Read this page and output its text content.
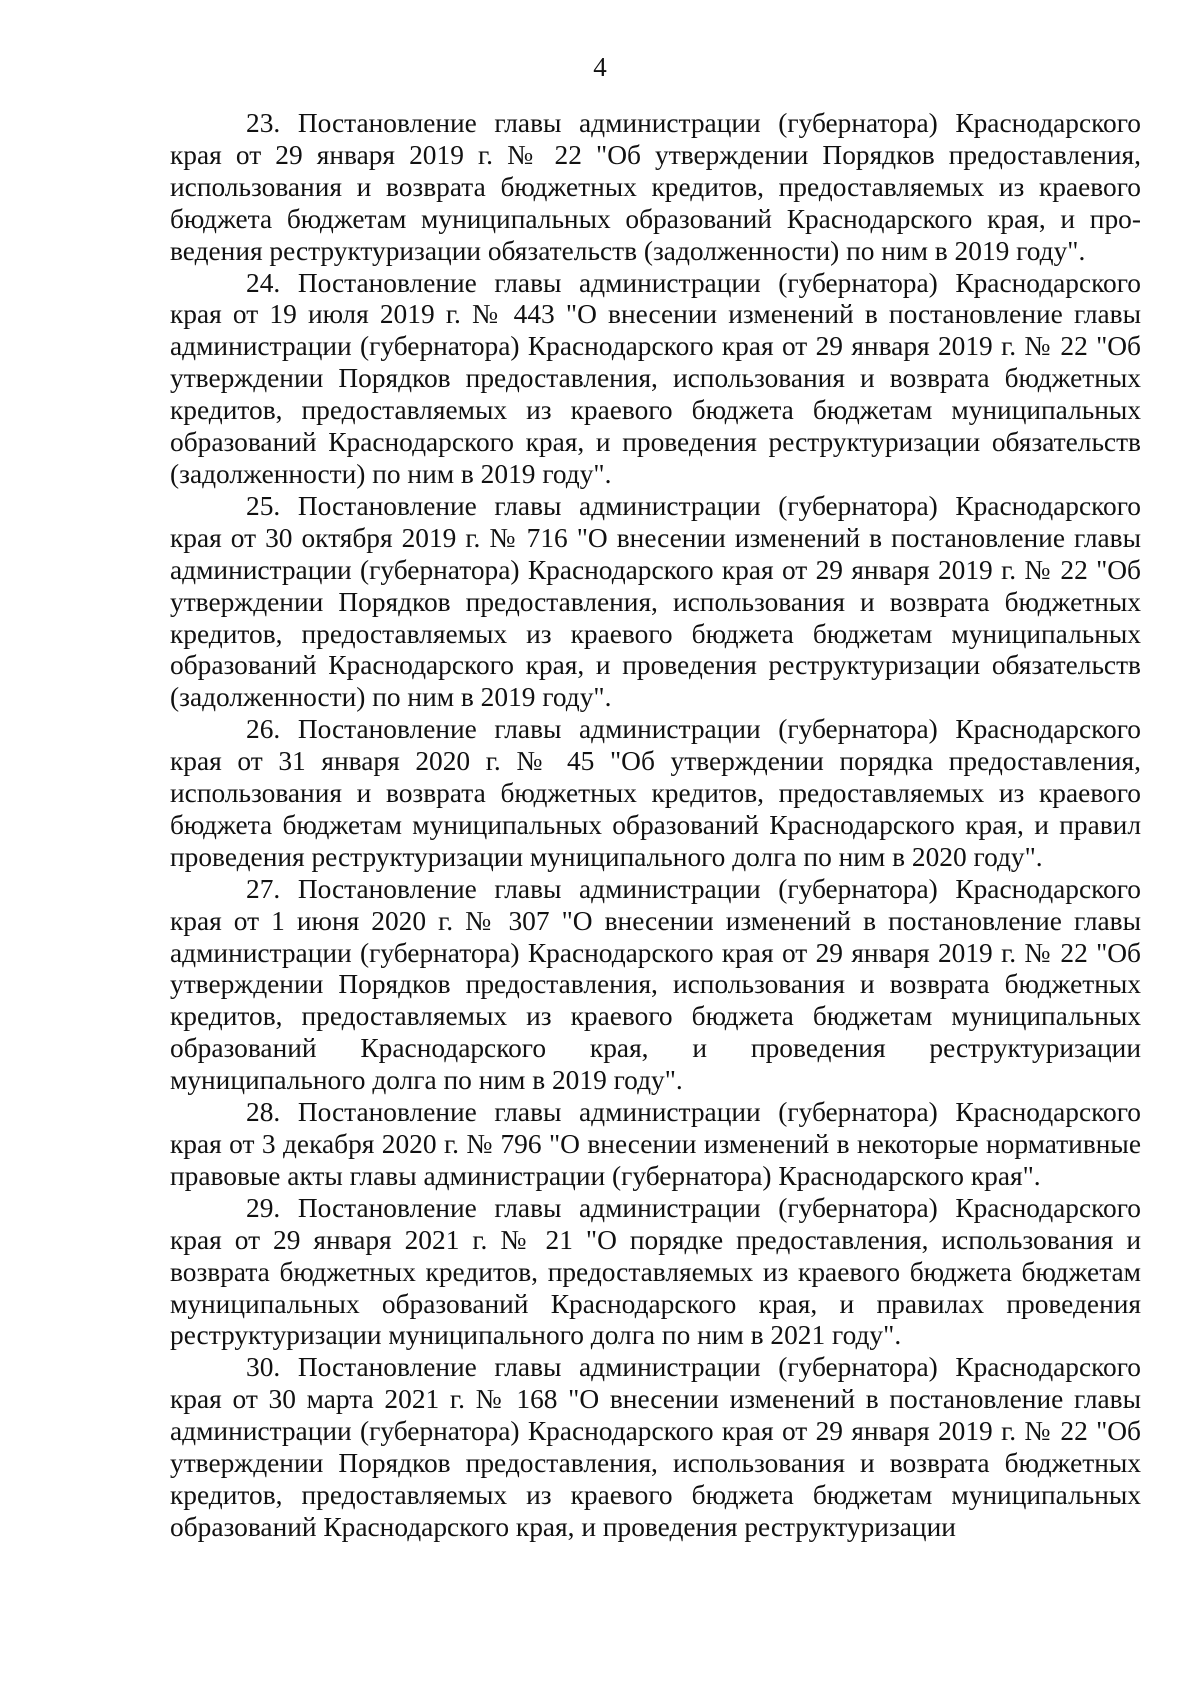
4

23. Постановление главы администрации (губернатора) Краснодарского края от 29 января 2019 г. № 22 "Об утверждении Порядков предоставления, использования и возврата бюджетных кредитов, предоставляемых из краевого бюджета бюджетам муниципальных образований Краснодарского края, и проведения реструктуризации обязательств (задолженности) по ним в 2019 году".

24. Постановление главы администрации (губернатора) Краснодарского края от 19 июля 2019 г. № 443 "О внесении изменений в постановление главы администрации (губернатора) Краснодарского края от 29 января 2019 г. № 22 "Об утверждении Порядков предоставления, использования и возврата бюджетных кредитов, предоставляемых из краевого бюджета бюджетам муниципальных образований Краснодарского края, и проведения реструктуризации обязательств (задолженности) по ним в 2019 году".

25. Постановление главы администрации (губернатора) Краснодарского края от 30 октября 2019 г. № 716 "О внесении изменений в постановление главы администрации (губернатора) Краснодарского края от 29 января 2019 г. № 22 "Об утверждении Порядков предоставления, использования и возврата бюджетных кредитов, предоставляемых из краевого бюджета бюджетам муниципальных образований Краснодарского края, и проведения реструктуризации обязательств (задолженности) по ним в 2019 году".

26. Постановление главы администрации (губернатора) Краснодарского края от 31 января 2020 г. № 45 "Об утверждении порядка предоставления, использования и возврата бюджетных кредитов, предоставляемых из краевого бюджета бюджетам муниципальных образований Краснодарского края, и правил проведения реструктуризации муниципального долга по ним в 2020 году".

27. Постановление главы администрации (губернатора) Краснодарского края от 1 июня 2020 г. № 307 "О внесении изменений в постановление главы администрации (губернатора) Краснодарского края от 29 января 2019 г. № 22 "Об утверждении Порядков предоставления, использования и возврата бюджетных кредитов, предоставляемых из краевого бюджета бюджетам муниципальных образований Краснодарского края, и проведения реструктуризации муниципального долга по ним в 2019 году".

28. Постановление главы администрации (губернатора) Краснодарского края от 3 декабря 2020 г. № 796 "О внесении изменений в некоторые нормативные правовые акты главы администрации (губернатора) Краснодарского края".

29. Постановление главы администрации (губернатора) Краснодарского края от 29 января 2021 г. № 21 "О порядке предоставления, использования и возврата бюджетных кредитов, предоставляемых из краевого бюджета бюджетам муниципальных образований Краснодарского края, и правилах проведения реструктуризации муниципального долга по ним в 2021 году".

30. Постановление главы администрации (губернатора) Краснодарского края от 30 марта 2021 г. № 168 "О внесении изменений в постановление главы администрации (губернатора) Краснодарского края от 29 января 2019 г. № 22 "Об утверждении Порядков предоставления, использования и возврата бюджетных кредитов, предоставляемых из краевого бюджета бюджетам муниципальных образований Краснодарского края, и проведения реструктуризации
